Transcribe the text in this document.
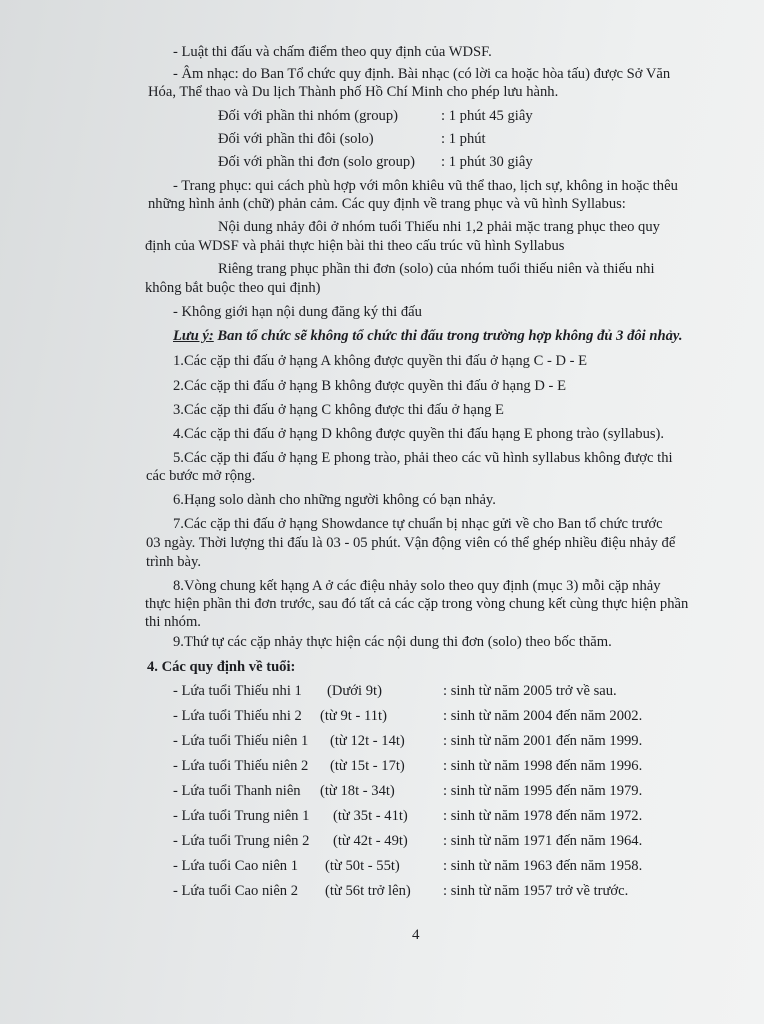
- Luật thi đấu và chấm điểm theo quy định của WDSF.
- Âm nhạc: do Ban Tổ chức quy định. Bài nhạc (có lời ca hoặc hòa tấu) được Sở Văn
Hóa, Thể thao và Du lịch Thành phố Hồ Chí Minh cho phép lưu hành.
Đối với phần thi nhóm (group)	: 1 phút 45 giây
Đối với phần thi đôi (solo)	: 1 phút
Đối với phần thi đơn (solo group) : 1 phút 30 giây
- Trang phục: qui cách phù hợp với môn khiêu vũ thể thao, lịch sự, không in hoặc thêu
những hình ảnh (chữ) phản cảm. Các quy định về trang phục và vũ hình Syllabus:
Nội dung nhảy đôi ở nhóm tuổi Thiếu nhi 1,2 phải mặc trang phục theo quy
định của WDSF và phải thực hiện bài thi theo cấu trúc vũ hình Syllabus
Riêng trang phục phần thi đơn (solo) của nhóm tuổi thiếu niên và thiếu nhi
không bắt buộc theo qui định)
- Không giới hạn nội dung đăng ký thi đấu
Lưu ý: Ban tổ chức sẽ không tổ chức thi đấu trong trường hợp không đủ 3 đôi nhảy.
1.Các cặp thi đấu ở hạng A không được quyền thi đấu ở hạng C - D - E
2.Các cặp thi đấu ở hạng B không được quyền thi đấu ở hạng D - E
3.Các cặp thi đấu ở hạng C không được thi đấu ở hạng E
4.Các cặp thi đấu ở hạng D không được quyền thi đấu hạng E phong trào (syllabus).
5.Các cặp thi đấu ở hạng E phong trào, phải theo các vũ hình syllabus không được thi
các bước mở rộng.
6.Hạng solo dành cho những người không có bạn nhảy.
7.Các cặp thi đấu ở hạng Showdance tự chuẩn bị nhạc gửi về cho Ban tổ chức trước
03 ngày. Thời lượng thi đấu là 03 - 05 phút. Vận động viên có thể ghép nhiều điệu nhảy để
trình bày.
8.Vòng chung kết hạng A ở các điệu nhảy solo theo quy định (mục 3) mỗi cặp nhảy
thực hiện phần thi đơn trước, sau đó tất cả các cặp trong vòng chung kết cùng thực hiện phần
thi nhóm.
9.Thứ tự các cặp nhảy thực hiện các nội dung thi đơn (solo) theo bốc thăm.
4. Các quy định về tuổi:
- Lứa tuổi Thiếu nhi 1 (Dưới 9t)	: sinh từ năm 2005 trở về sau.
- Lứa tuổi Thiếu nhi 2 (từ 9t - 11t)	: sinh từ năm 2004 đến năm 2002.
- Lứa tuổi Thiếu niên 1 (từ 12t - 14t)	: sinh từ năm 2001 đến năm 1999.
- Lứa tuổi Thiếu niên 2 (từ 15t - 17t)	: sinh từ năm 1998 đến năm 1996.
- Lứa tuổi Thanh niên (từ 18t - 34t)	: sinh từ năm 1995 đến năm 1979.
- Lứa tuổi Trung niên 1 (từ 35t - 41t) : sinh từ năm 1978 đến năm 1972.
- Lứa tuổi Trung niên 2 (từ 42t - 49t) : sinh từ năm 1971 đến năm 1964.
- Lứa tuổi Cao niên 1 (từ 50t - 55t)	: sinh từ năm 1963 đến năm 1958.
- Lứa tuổi Cao niên 2 (từ 56t trở lên) : sinh từ năm 1957 trở về trước.
4
